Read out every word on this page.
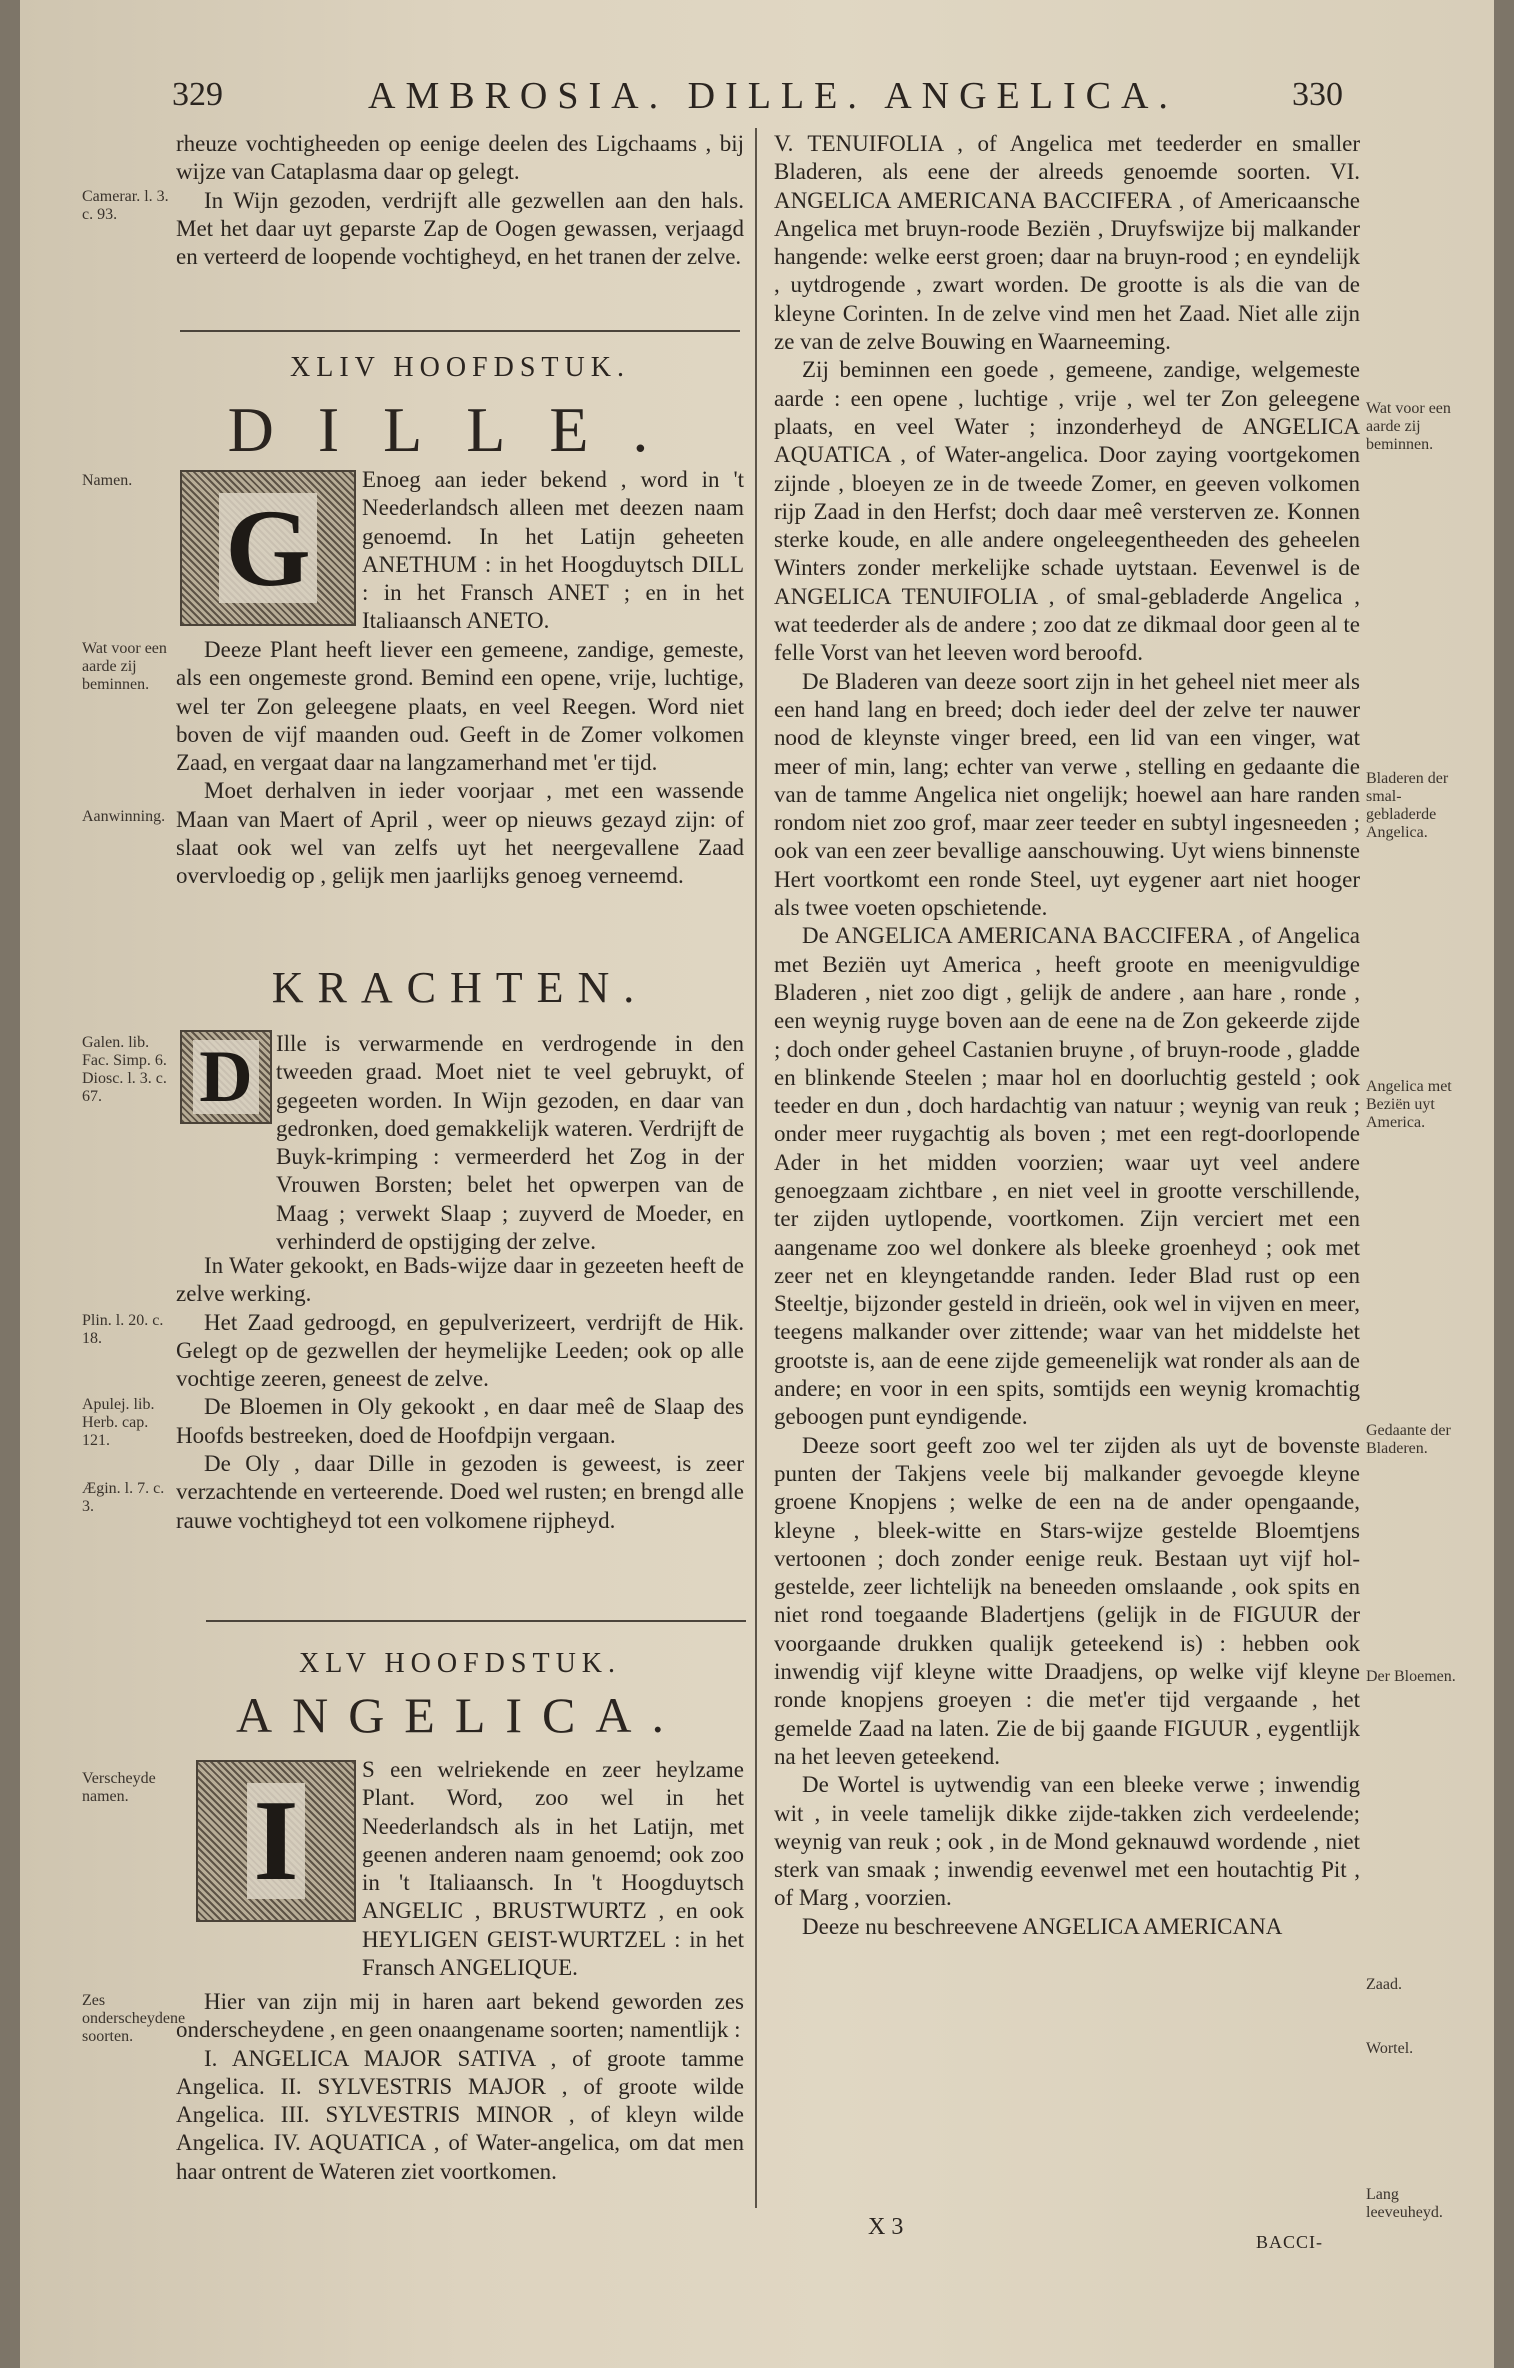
329	AMBROSIA. DILLE. ANGELICA.	330
Camerar. l. 3. c. 93.

rheuze vochtigheeden op eenige deelen des Ligchaams , bij wijze van Cataplasma daar op gelegt.

In Wijn gezoden, verdrijft alle gezwellen aan den hals. Met het daar uyt geparste Zap de Oogen gewassen, verjaagd en verteerd de loopende vochtigheyd, en het tranen der zelve.

XLIV HOOFDSTUK.
DILLE.
Namen.
G

Enoeg aan ieder bekend , word in 't Neederlandsch alleen met deezen naam genoemd. In het Latijn geheeten ANETHUM : in het Hoogduytsch DILL : in het Fransch ANET ; en in het Italiaansch ANETO.

Wat voor een aarde zij beminnen.
Aanwinning.

Deeze Plant heeft liever een gemeene, zandige, gemeste, als een ongemeste grond. Bemind een opene, vrije, luchtige, wel ter Zon geleegene plaats, en veel Reegen. Word niet boven de vijf maanden oud. Geeft in de Zomer volkomen Zaad, en vergaat daar na langzamerhand met 'er tijd.

Moet derhalven in ieder voorjaar , met een wassende Maan van Maert of April , weer op nieuws gezayd zijn: of slaat ook wel van zelfs uyt het neergevallene Zaad overvloedig op , gelijk men jaarlijks genoeg verneemd.

KRACHTEN.
Galen. lib. Fac. Simp. 6. Diosc. l. 3. c. 67.	D Ille is verwarmende en verdrogende in den tweeden graad. Moet niet te veel gebruykt, of gegeeten worden. In Wijn gezoden, en daar van gedronken, doed gemakkelijk wateren. Verdrijft de Buyk-krimping : vermeerderd het Zog in der Vrouwen Borsten; belet het opwerpen van de Maag ; verwekt Slaap ; zuyverd de Moeder, en verhinderd de opstijging der zelve.

In Water gekookt, en Bads-wijze daar in gezeeten heeft de zelve werking.

Het Zaad gedroogd, en gepulverizeert, verdrijft de Hik. Gelegt op de gezwellen der heymelijke Leeden; ook op alle vochtige zeeren, geneest de zelve.

De Bloemen in Oly gekookt , en daar meê de Slaap des Hoofds bestreeken, doed de Hoofdpijn vergaan.

De Oly , daar Dille in gezoden is geweest, is zeer verzachtende en verteerende. Doed wel rusten; en brengd alle rauwe vochtigheyd tot een volkomene rijpheyd.

Plin. l. 20. c. 18.
Apulej. lib. Herb. cap. 121.
Ægin. l. 7. c. 3.
XLV HOOFDSTUK.
ANGELICA.
Verscheyde namen.	I

S een welriekende en zeer heylzame Plant. Word, zoo wel in het Neederlandsch als in het Latijn, met geenen anderen naam genoemd; ook zoo in 't Italiaansch. In 't Hoogduytsch ANGELIC , BRUSTWURTZ , en ook HEYLIGEN GEIST-WURTZEL : in het Fransch ANGELIQUE.

Zes onderscheydene soorten.

Hier van zijn mij in haren aart bekend geworden zes onderscheydene , en geen onaangename soorten; namentlijk :

I. ANGELICA MAJOR SATIVA , of groote tamme Angelica. II. SYLVESTRIS MAJOR , of groote wilde Angelica. III. SYLVESTRIS MINOR , of kleyn wilde Angelica. IV. AQUATICA , of Water-angelica, om dat men haar ontrent de Wateren ziet voortkomen.

V. TENUIFOLIA , of Angelica met teederder en smaller Bladeren, als eene der alreeds genoemde soorten. VI. ANGELICA AMERICANA BACCIFERA , of Americaansche Angelica met bruyn-roode Beziën , Druyfswijze bij malkander hangende: welke eerst groen; daar na bruyn-rood ; en eyndelijk , uytdrogende , zwart worden. De grootte is als die van de kleyne Corinten. In de zelve vind men het Zaad. Niet alle zijn ze van de zelve Bouwing en Waarneeming.

Zij beminnen een goede , gemeene, zandige, welgemeste aarde : een opene , luchtige , vrije , wel ter Zon geleegene plaats, en veel Water ; inzonderheyd de ANGELICA AQUATICA , of Water-angelica. Door zaying voortgekomen zijnde , bloeyen ze in de tweede Zomer, en geeven volkomen rijp Zaad in den Herfst; doch daar meê versterven ze. Konnen sterke koude, en alle andere ongeleegentheeden des geheelen Winters zonder merkelijke schade uytstaan. Eevenwel is de ANGELICA TENUIFOLIA , of smal-gebladerde Angelica , wat teederder als de andere ; zoo dat ze dikmaal door geen al te felle Vorst van het leeven word beroofd.

De Bladeren van deeze soort zijn in het geheel niet meer als een hand lang en breed; doch ieder deel der zelve ter nauwer nood de kleynste vinger breed, een lid van een vinger, wat meer of min, lang; echter van verwe , stelling en gedaante die van de tamme Angelica niet ongelijk; hoewel aan hare randen rondom niet zoo grof, maar zeer teeder en subtyl ingesneeden ; ook van een zeer bevallige aanschouwing. Uyt wiens binnenste Hert voortkomt een ronde Steel, uyt eygener aart niet hooger als twee voeten opschietende.

De ANGELICA AMERICANA BACCIFERA , of Angelica met Beziën uyt America , heeft groote en meenigvuldige Bladeren , niet zoo digt , gelijk de andere , aan hare , ronde , een weynig ruyge boven aan de eene na de Zon gekeerde zijde ; doch onder geheel Castanien bruyne , of bruyn-roode , gladde en blinkende Steelen ; maar hol en doorluchtig gesteld ; ook teeder en dun , doch hardachtig van natuur ; weynig van reuk ; onder meer ruygachtig als boven ; met een regt-doorlopende Ader in het midden voorzien; waar uyt veel andere genoegzaam zichtbare , en niet veel in grootte verschillende, ter zijden uytlopende, voortkomen. Zijn verciert met een aangename zoo wel donkere als bleeke groenheyd ; ook met zeer net en kleyngetandde randen. Ieder Blad rust op een Steeltje, bijzonder gesteld in drieën, ook wel in vijven en meer, teegens malkander over zittende; waar van het middelste het grootste is, aan de eene zijde gemeenelijk wat ronder als aan de andere; en voor in een spits, somtijds een weynig kromachtig geboogen punt eyndigende.

Deeze soort geeft zoo wel ter zijden als uyt de bovenste punten der Takjens veele bij malkander gevoegde kleyne groene Knopjens ; welke de een na de ander opengaande, kleyne , bleek-witte en Stars-wijze gestelde Bloemtjens vertoonen ; doch zonder eenige reuk. Bestaan uyt vijf hol-gestelde, zeer lichtelijk na beneeden omslaande , ook spits en niet rond toegaande Bladertjens (gelijk in de FIGUUR der voorgaande drukken qualijk geteekend is) : hebben ook inwendig vijf kleyne witte Draadjens, op welke vijf kleyne ronde knopjens groeyen : die met'er tijd vergaande , het gemelde Zaad na laten. Zie de bij gaande FIGUUR , eygentlijk na het leeven geteekend.

De Wortel is uytwendig van een bleeke verwe ; inwendig wit , in veele tamelijk dikke zijde-takken zich verdeelende; weynig van reuk ; ook , in de Mond geknauwd wordende , niet sterk van smaak ; inwendig eevenwel met een houtachtig Pit , of Marg , voorzien.

Deeze nu beschreevene ANGELICA AMERICANA

Wat voor een aarde zij beminnen.
Bladeren der smal-gebladerde Angelica.
Angelica met Beziën uyt America.
Gedaante der Bladeren.
Der Bloemen.
Zaad.
Wortel.
Lang leeveuheyd.
X 3
BACCI-
